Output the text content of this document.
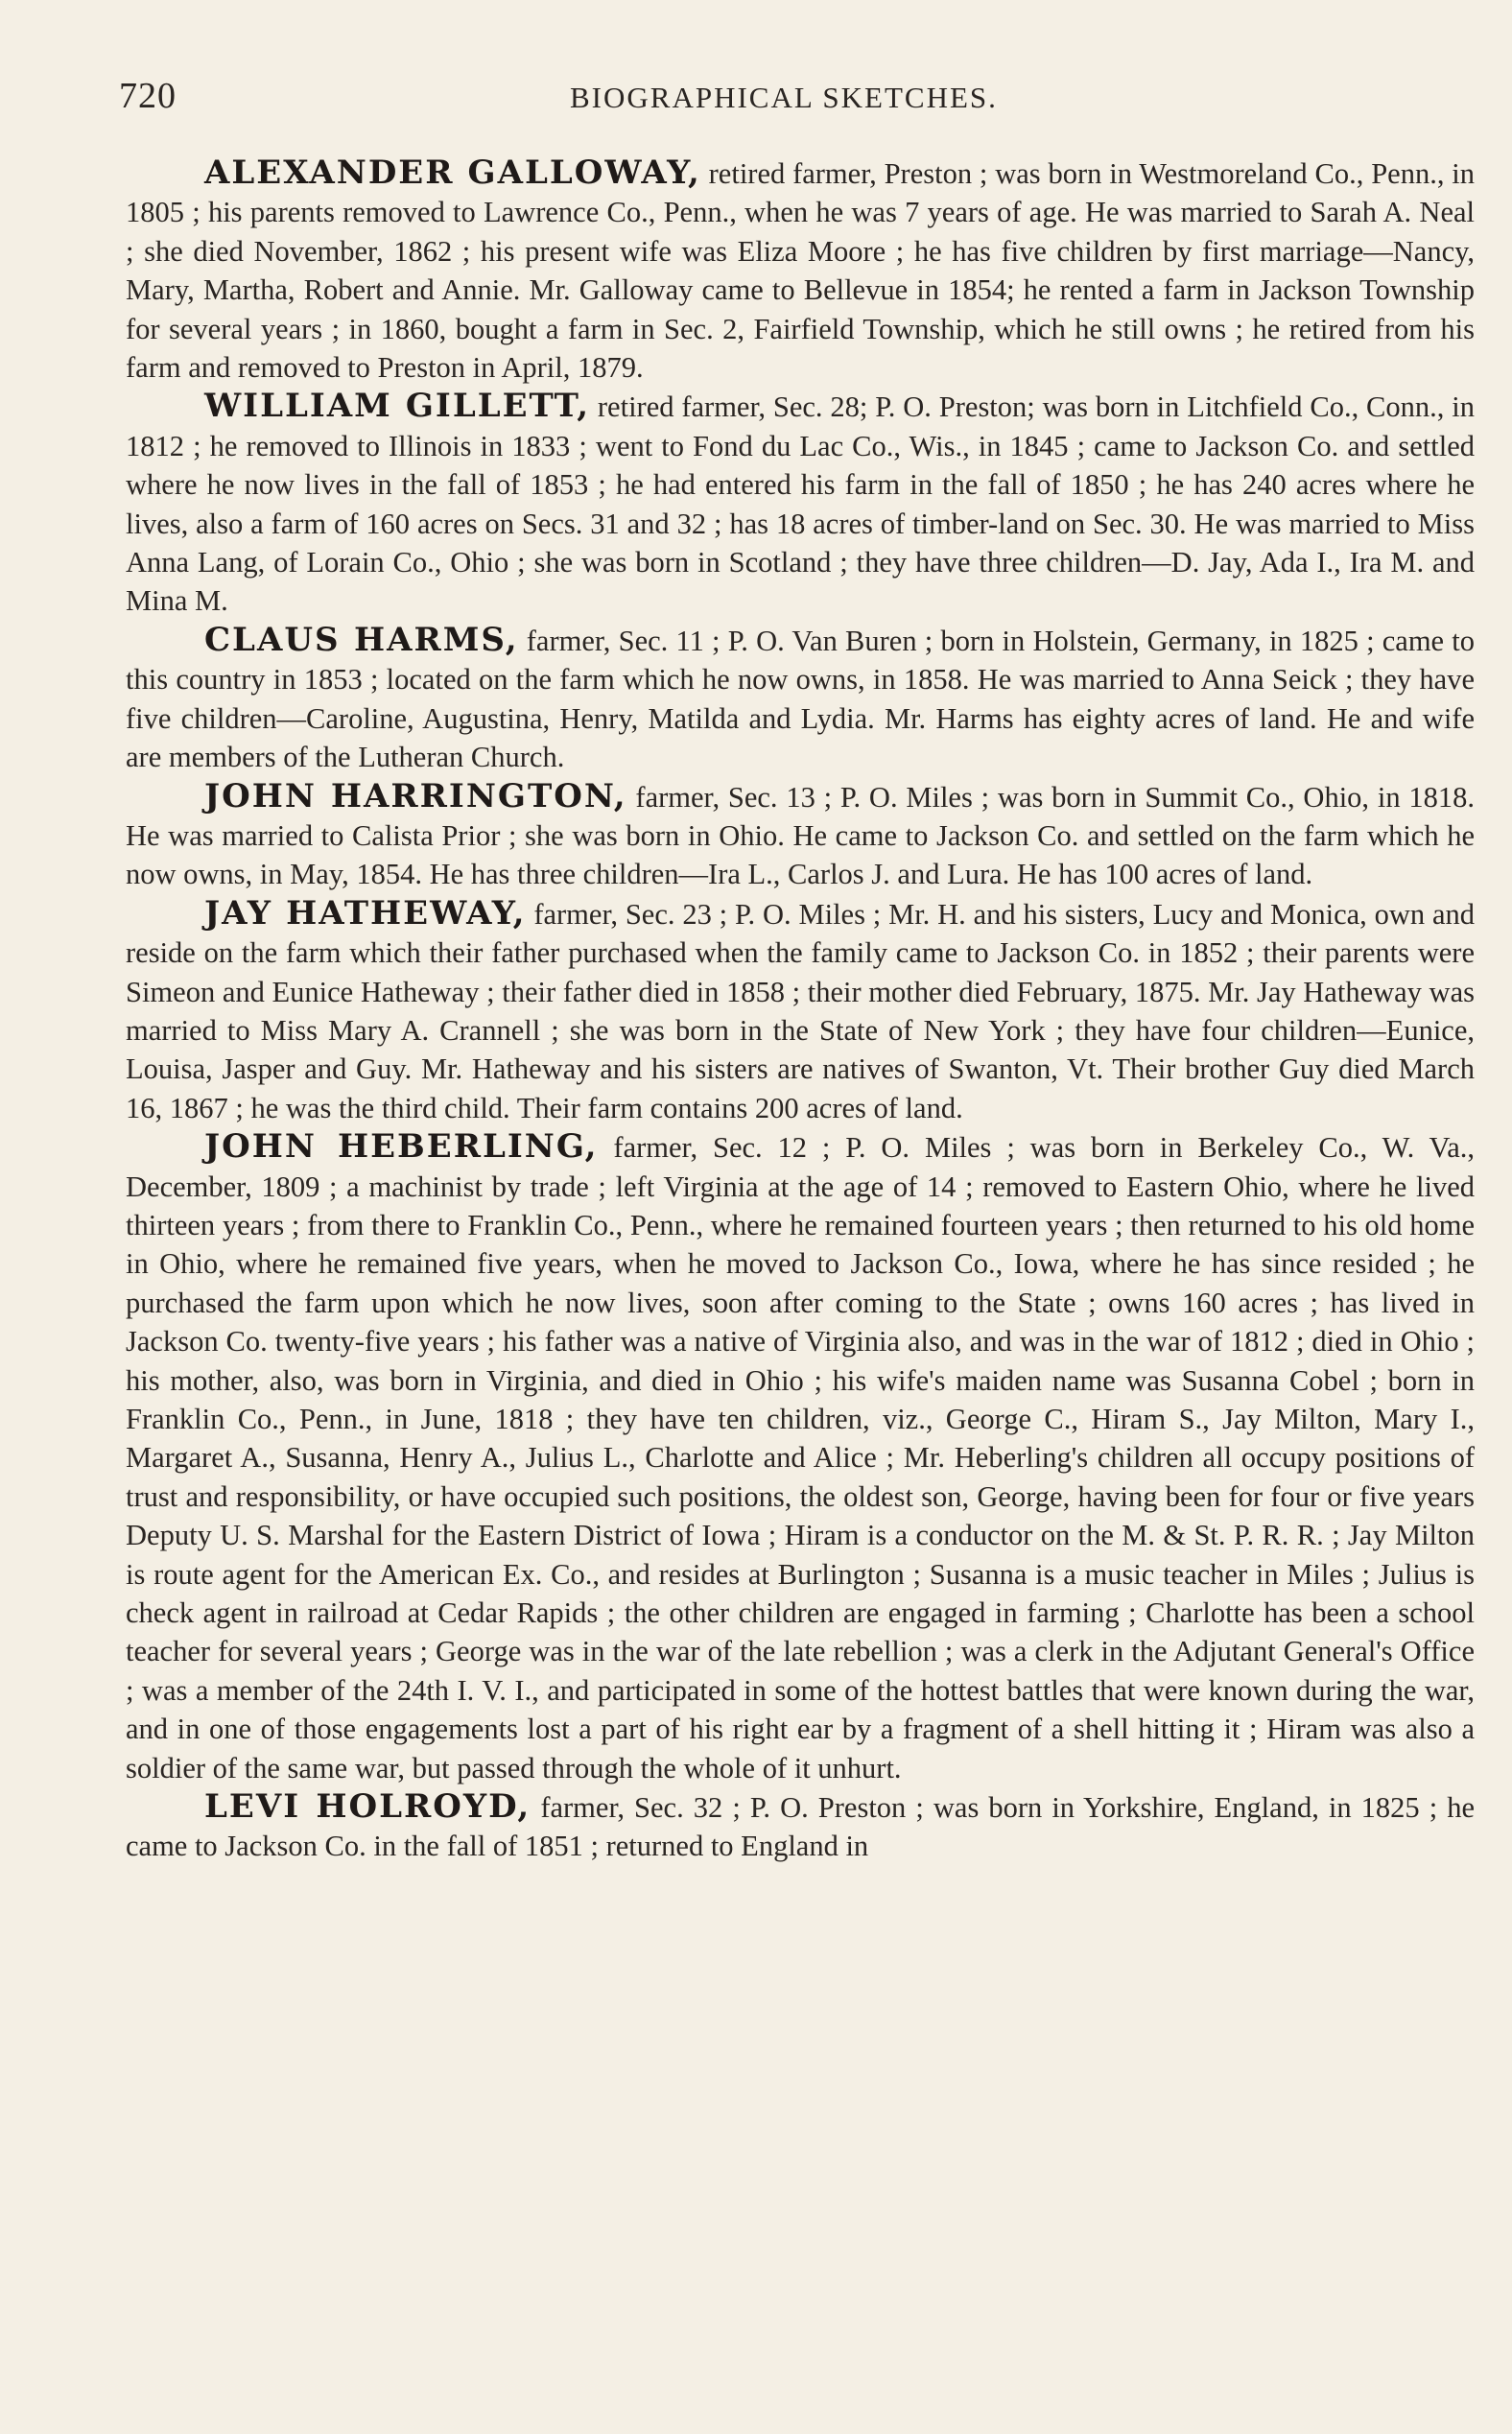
720	BIOGRAPHICAL SKETCHES.

ALEXANDER GALLOWAY, retired farmer, Preston ; was born in Westmoreland Co., Penn., in 1805 ; his parents removed to Lawrence Co., Penn., when he was 7 years of age. He was married to Sarah A. Neal ; she died November, 1862 ; his present wife was Eliza Moore ; he has five children by first marriage—Nancy, Mary, Martha, Robert and Annie. Mr. Galloway came to Bellevue in 1854; he rented a farm in Jackson Township for several years ; in 1860, bought a farm in Sec. 2, Fairfield Township, which he still owns ; he retired from his farm and removed to Preston in April, 1879.

WILLIAM GILLETT, retired farmer, Sec. 28; P. O. Preston; was born in Litchfield Co., Conn., in 1812 ; he removed to Illinois in 1833 ; went to Fond du Lac Co., Wis., in 1845 ; came to Jackson Co. and settled where he now lives in the fall of 1853 ; he had entered his farm in the fall of 1850 ; he has 240 acres where he lives, also a farm of 160 acres on Secs. 31 and 32 ; has 18 acres of timber-land on Sec. 30. He was married to Miss Anna Lang, of Lorain Co., Ohio ; she was born in Scotland ; they have three children—D. Jay, Ada I., Ira M. and Mina M.

CLAUS HARMS, farmer, Sec. 11 ; P. O. Van Buren ; born in Holstein, Germany, in 1825 ; came to this country in 1853 ; located on the farm which he now owns, in 1858. He was married to Anna Seick ; they have five children—Caroline, Augustina, Henry, Matilda and Lydia. Mr. Harms has eighty acres of land. He and wife are members of the Lutheran Church.

JOHN HARRINGTON, farmer, Sec. 13 ; P. O. Miles ; was born in Summit Co., Ohio, in 1818. He was married to Calista Prior ; she was born in Ohio. He came to Jackson Co. and settled on the farm which he now owns, in May, 1854. He has three children—Ira L., Carlos J. and Lura. He has 100 acres of land.

JAY HATHEWAY, farmer, Sec. 23 ; P. O. Miles ; Mr. H. and his sisters, Lucy and Monica, own and reside on the farm which their father purchased when the family came to Jackson Co. in 1852 ; their parents were Simeon and Eunice Hatheway ; their father died in 1858 ; their mother died February, 1875. Mr. Jay Hatheway was married to Miss Mary A. Crannell ; she was born in the State of New York ; they have four children—Eunice, Louisa, Jasper and Guy. Mr. Hatheway and his sisters are natives of Swanton, Vt. Their brother Guy died March 16, 1867 ; he was the third child. Their farm contains 200 acres of land.

JOHN HEBERLING, farmer, Sec. 12 ; P. O. Miles ; was born in Berkeley Co., W. Va., December, 1809 ; a machinist by trade ; left Virginia at the age of 14 ; removed to Eastern Ohio, where he lived thirteen years ; from there to Franklin Co., Penn., where he remained fourteen years ; then returned to his old home in Ohio, where he remained five years, when he moved to Jackson Co., Iowa, where he has since resided ; he purchased the farm upon which he now lives, soon after coming to the State ; owns 160 acres ; has lived in Jackson Co. twenty-five years ; his father was a native of Virginia also, and was in the war of 1812 ; died in Ohio ; his mother, also, was born in Virginia, and died in Ohio ; his wife's maiden name was Susanna Cobel ; born in Franklin Co., Penn., in June, 1818 ; they have ten children, viz., George C., Hiram S., Jay Milton, Mary I., Margaret A., Susanna, Henry A., Julius L., Charlotte and Alice ; Mr. Heberling's children all occupy positions of trust and responsibility, or have occupied such positions, the oldest son, George, having been for four or five years Deputy U. S. Marshal for the Eastern District of Iowa ; Hiram is a conductor on the M. & St. P. R. R. ; Jay Milton is route agent for the American Ex. Co., and resides at Burlington ; Susanna is a music teacher in Miles ; Julius is check agent in railroad at Cedar Rapids ; the other children are engaged in farming ; Charlotte has been a school teacher for several years ; George was in the war of the late rebellion ; was a clerk in the Adjutant General's Office ; was a member of the 24th I. V. I., and participated in some of the hottest battles that were known during the war, and in one of those engagements lost a part of his right ear by a fragment of a shell hitting it ; Hiram was also a soldier of the same war, but passed through the whole of it unhurt.

LEVI HOLROYD, farmer, Sec. 32 ; P. O. Preston ; was born in Yorkshire, England, in 1825 ; he came to Jackson Co. in the fall of 1851 ; returned to England in
